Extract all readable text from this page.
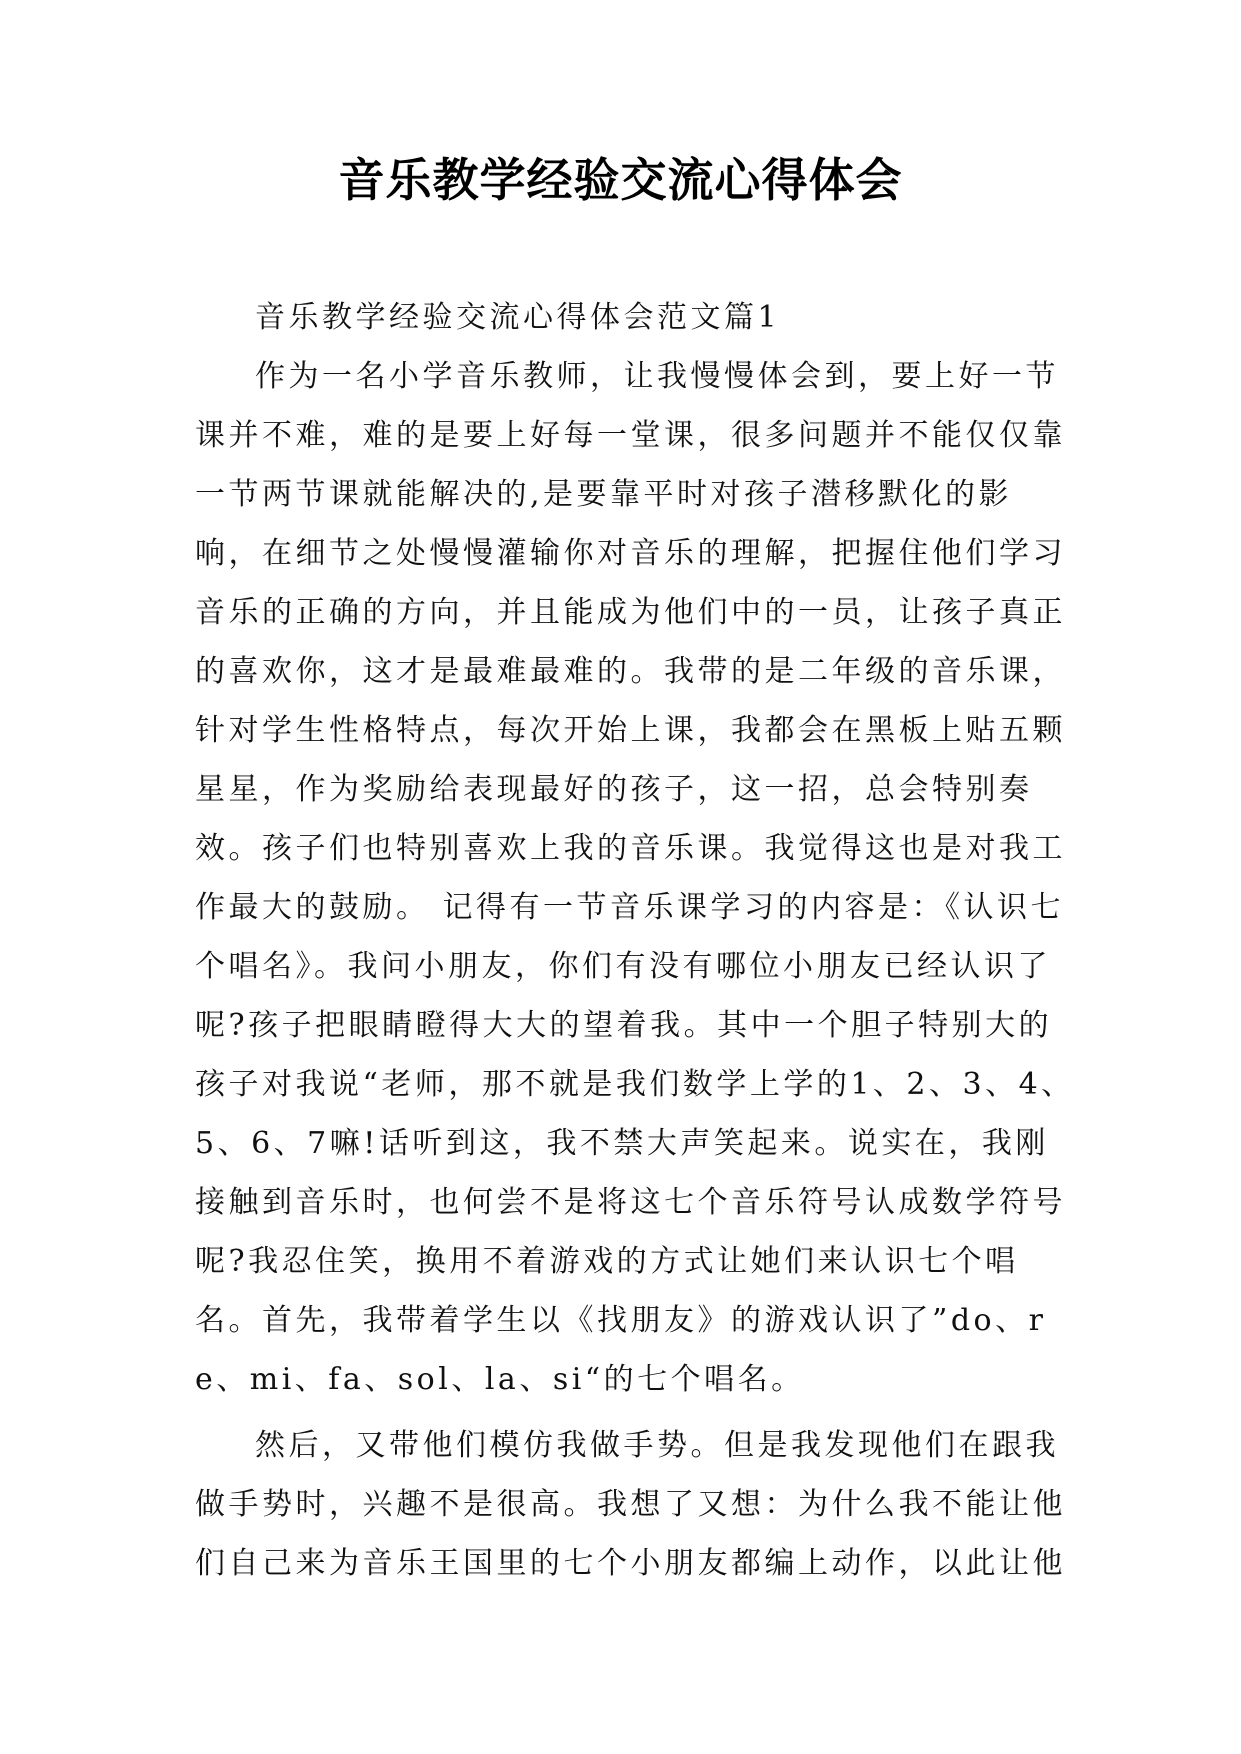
音乐教学经验交流心得体会

音乐教学经验交流心得体会范文篇1

作为一名小学音乐教师，让我慢慢体会到，要上好一节课并不难，难的是要上好每一堂课，很多问题并不能仅仅靠一节两节课就能解决的,是要靠平时对孩子潜移默化的影响，在细节之处慢慢灌输你对音乐的理解，把握住他们学习音乐的正确的方向，并且能成为他们中的一员，让孩子真正的喜欢你，这才是最难最难的。我带的是二年级的音乐课，针对学生性格特点，每次开始上课，我都会在黑板上贴五颗星星，作为奖励给表现最好的孩子，这一招，总会特别奏效。孩子们也特别喜欢上我的音乐课。我觉得这也是对我工作最大的鼓励。 记得有一节音乐课学习的内容是：《认识七个唱名》。我问小朋友，你们有没有哪位小朋友已经认识了呢?孩子把眼睛瞪得大大的望着我。其中一个胆子特别大的孩子对我说“老师，那不就是我们数学上学的1、2、3、4、5、6、7嘛!话听到这，我不禁大声笑起来。说实在，我刚接触到音乐时，也何尝不是将这七个音乐符号认成数学符号呢?我忍住笑，换用不着游戏的方式让她们来认识七个唱名。首先，我带着学生以《找朋友》的游戏认识了”do、re、mi、fa、sol、la、si“的七个唱名。

然后，又带他们模仿我做手势。但是我发现他们在跟我做手势时，兴趣不是很高。我想了又想：为什么我不能让他们自己来为音乐王国里的七个小朋友都编上动作，以此让他
